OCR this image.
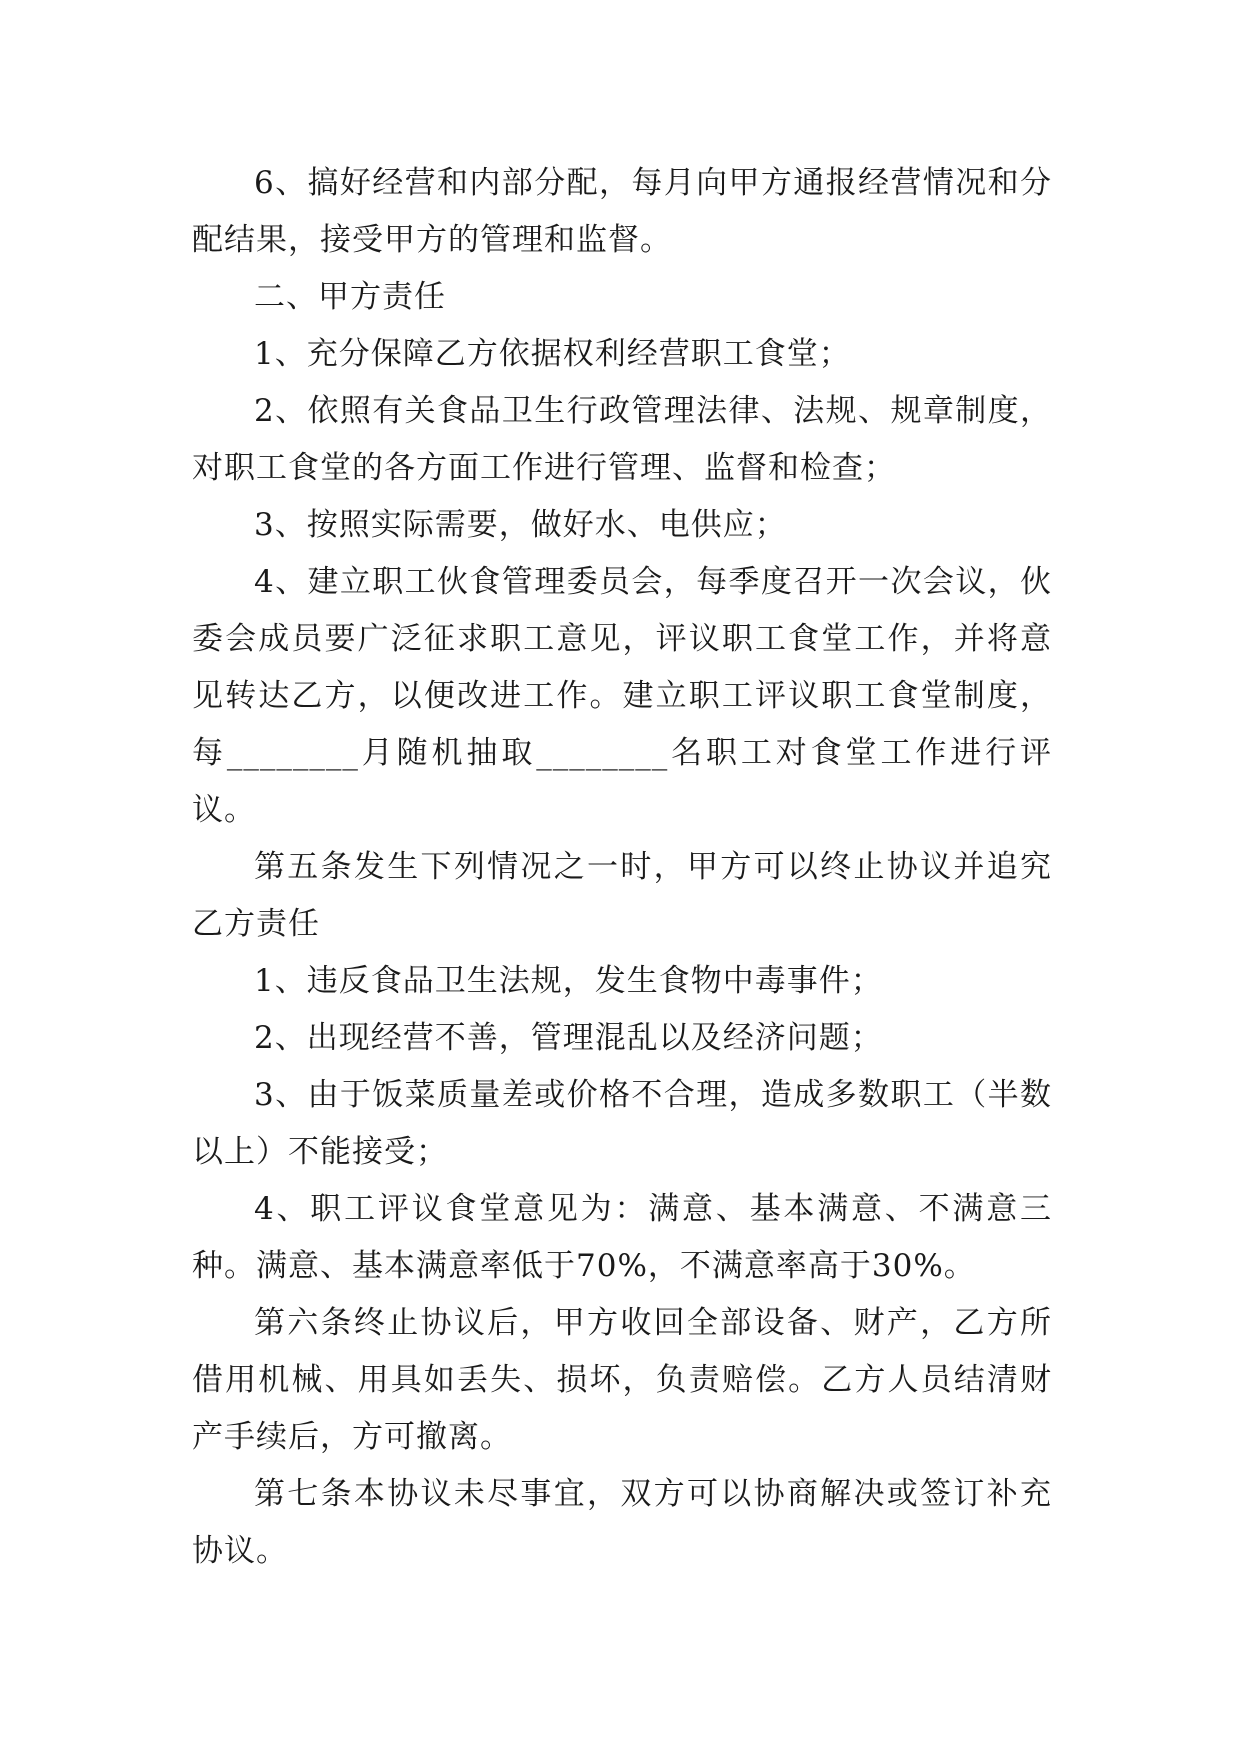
6、搞好经营和内部分配，每月向甲方通报经营情况和分配结果，接受甲方的管理和监督。

二、甲方责任

1、充分保障乙方依据权利经营职工食堂；

2、依照有关食品卫生行政管理法律、法规、规章制度，对职工食堂的各方面工作进行管理、监督和检查；

3、按照实际需要，做好水、电供应；

4、建立职工伙食管理委员会，每季度召开一次会议，伙委会成员要广泛征求职工意见，评议职工食堂工作，并将意见转达乙方，以便改进工作。建立职工评议职工食堂制度，每________月随机抽取________名职工对食堂工作进行评议。

第五条发生下列情况之一时，甲方可以终止协议并追究乙方责任

1、违反食品卫生法规，发生食物中毒事件；

2、出现经营不善，管理混乱以及经济问题；

3、由于饭菜质量差或价格不合理，造成多数职工（半数以上）不能接受；

4、职工评议食堂意见为：满意、基本满意、不满意三种。满意、基本满意率低于70%，不满意率高于30%。

第六条终止协议后，甲方收回全部设备、财产，乙方所借用机械、用具如丢失、损坏，负责赔偿。乙方人员结清财产手续后，方可撤离。

第七条本协议未尽事宜，双方可以协商解决或签订补充协议。
